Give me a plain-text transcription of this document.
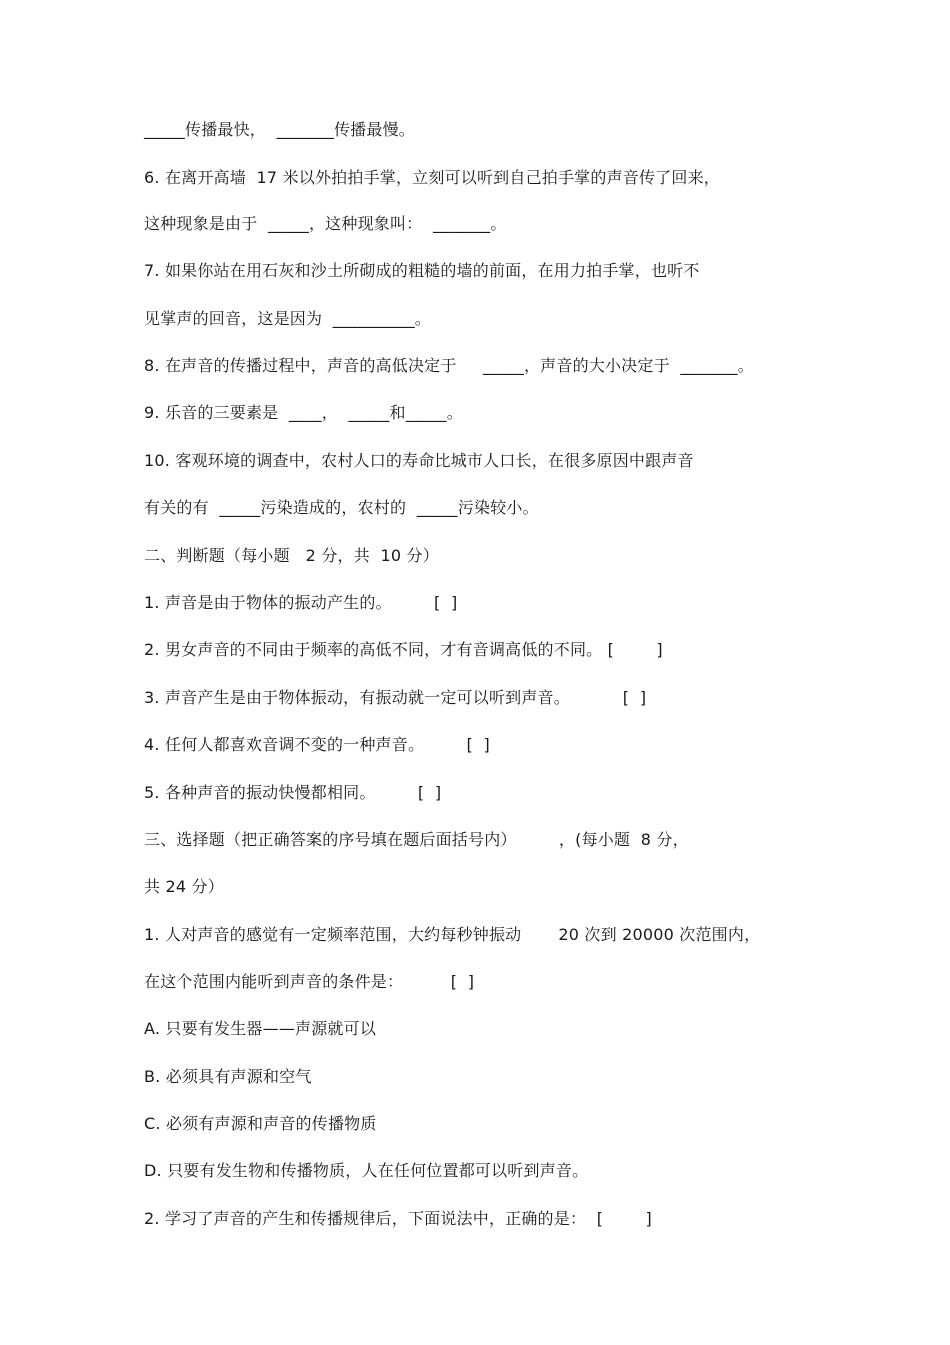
_____传播最快，  _______传播最慢。
6. 在离开高墙  17 米以外拍拍手掌，立刻可以听到自己拍手掌的声音传了回来，
这种现象是由于  _____，这种现象叫：  _______。
7. 如果你站在用石灰和沙土所砌成的粗糙的墙的前面，在用力拍手掌，也听不
见掌声的回音，这是因为  __________。
8. 在声音的传播过程中，声音的高低决定于     _____，声音的大小决定于  _______。
9. 乐音的三要素是  ____，  _____和_____。
10. 客观环境的调查中，农村人口的寿命比城市人口长，在很多原因中跟声音
有关的有  _____污染造成的，农村的  _____污染较小。
二、判断题（每小题   2 分，共  10 分）
1. 声音是由于物体的振动产生的。        [  ]
2. 男女声音的不同由于频率的高低不同，才有音调高低的不同。 [        ]
3. 声音产生是由于物体振动，有振动就一定可以听到声音。          [  ]
4. 任何人都喜欢音调不变的一种声音。        [  ]
5. 各种声音的振动快慢都相同。        [  ]
三、选择题（把正确答案的序号填在题后面括号内）        ，(每小题  8 分，
共 24 分）
1. 人对声音的感觉有一定频率范围，大约每秒钟振动       20 次到 20000 次范围内，
在这个范围内能听到声音的条件是：         [  ]
A. 只要有发生器——声源就可以
B. 必须具有声源和空气
C. 必须有声源和声音的传播物质
D. 只要有发生物和传播物质，人在任何位置都可以听到声音。
2. 学习了声音的产生和传播规律后，下面说法中，正确的是：  [        ]
